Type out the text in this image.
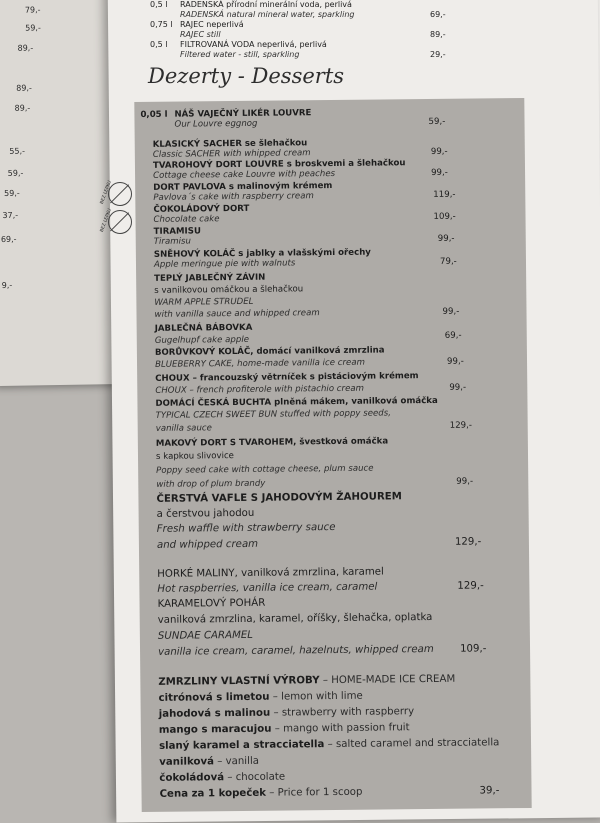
79,-
59,-
89,-
89,-
89,-
55,-
59,-
59,-
37,-
69,-
9,-
0,5 l RADENSKÁ přírodní minerální voda, perlivá
RADENSKÁ natural mineral water, sparkling	69,-
0,75 l RAJEC neperlivá
RAJEC still	89,-
0,5 l FILTROVANÁ VODA neperlivá, perlivá
Filtered water - still, sparkling	29,-
Dezerty - Desserts
BEZ LEPKU
BEZ LEPKU
0,05 l NÁŠ VAJEČNÝ LIKÉR LOUVRE
Our Louvre eggnog	59,-
KLASICKÝ SACHER se šlehačkou
Classic SACHER with whipped cream	99,-
TVAROHOVÝ DORT LOUVRE s broskvemi a šlehačkou
Cottage cheese cake Louvre with peaches	99,-
DORT PAVLOVA s malinovým krémem
Pavlova´s cake with raspberry cream	119,-
ČOKOLÁDOVÝ DORT
Chocolate cake	109,-
TIRAMISU
Tiramisu	99,-
SNĚHOVÝ KOLÁČ s jablky a vlašskými ořechy
Apple meringue pie with walnuts	79,-
TEPLÝ JABLEČNÝ ZÁVIN
s vanilkovou omáčkou a šlehačkou
WARM APPLE STRUDEL
with vanilla sauce and whipped cream	99,-
JABLEČNÁ BÁBOVKA
Gugelhupf cake apple	69,-
BORŮVKOVÝ KOLÁČ, domácí vanilková zmrzlina
BLUEBERRY CAKE, home-made vanilla ice cream	99,-
CHOUX – francouzský větrníček s pistáciovým krémem
CHOUX – french profiterole with pistachio cream	99,-
DOMÁCÍ ČESKÁ BUCHTA plněná mákem, vanilková omáčka
TYPICAL CZECH SWEET BUN stuffed with poppy seeds,
vanilla sauce	129,-
MAKOVÝ DORT S TVAROHEM, švestková omáčka
s kapkou slivovice
Poppy seed cake with cottage cheese, plum sauce
with drop of plum brandy	99,-
ČERSTVÁ VAFLE S JAHODOVÝM ŽAHOUREM
a čerstvou jahodou
Fresh waffle with strawberry sauce
and whipped cream	129,-
HORKÉ MALINY, vanilková zmrzlina, karamel
Hot raspberries, vanilla ice cream, caramel	129,-
KARAMELOVÝ POHÁR
vanilková zmrzlina, karamel, oříšky, šlehačka, oplatka
SUNDAE CARAMEL
vanilla ice cream, caramel, hazelnuts, whipped cream	109,-
ZMRZLINY VLASTNÍ VÝROBY – HOME-MADE ICE CREAM
citrónová s limetou – lemon with lime
jahodová s malinou – strawberry with raspberry
mango s maracujou – mango with passion fruit
slaný karamel a stracciatella – salted caramel and stracciatella
vanilková – vanilla
čokoládová – chocolate
Cena za 1 kopeček – Price for 1 scoop	39,-
